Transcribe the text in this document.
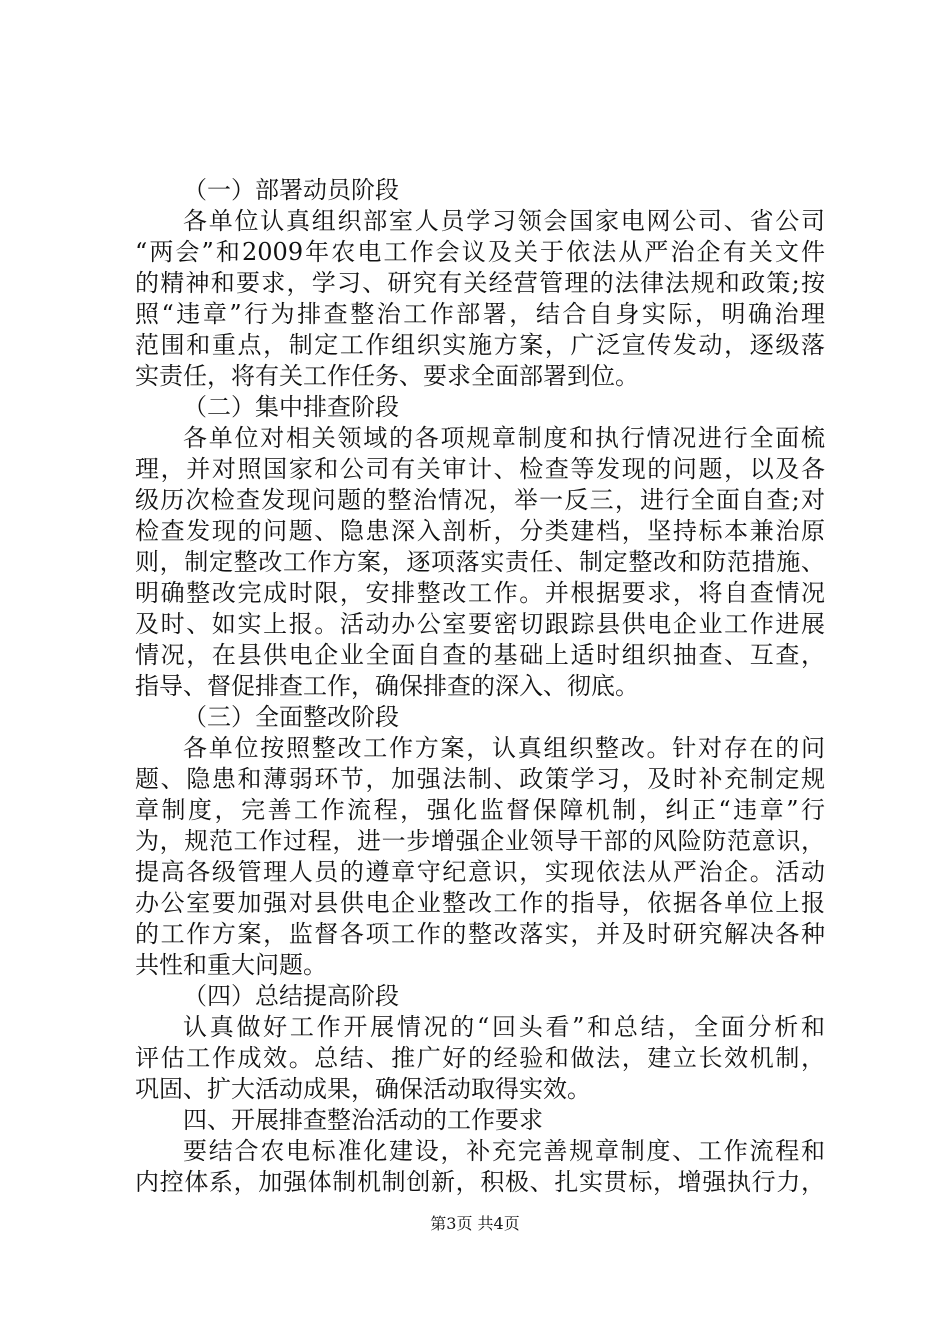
（一）部署动员阶段
各单位认真组织部室人员学习领会国家电网公司、省公司
“两会”和2009年农电工作会议及关于依法从严治企有关文件
的精神和要求，学习、研究有关经营管理的法律法规和政策;按
照“违章”行为排查整治工作部署，结合自身实际，明确治理
范围和重点，制定工作组织实施方案，广泛宣传发动，逐级落
实责任，将有关工作任务、要求全面部署到位。
（二）集中排查阶段
各单位对相关领域的各项规章制度和执行情况进行全面梳
理，并对照国家和公司有关审计、检查等发现的问题，以及各
级历次检查发现问题的整治情况，举一反三，进行全面自查;对
检查发现的问题、隐患深入剖析，分类建档，坚持标本兼治原
则，制定整改工作方案，逐项落实责任、制定整改和防范措施、
明确整改完成时限，安排整改工作。并根据要求，将自查情况
及时、如实上报。活动办公室要密切跟踪县供电企业工作进展
情况，在县供电企业全面自查的基础上适时组织抽查、互查，
指导、督促排查工作，确保排查的深入、彻底。
（三）全面整改阶段
各单位按照整改工作方案，认真组织整改。针对存在的问
题、隐患和薄弱环节，加强法制、政策学习，及时补充制定规
章制度，完善工作流程，强化监督保障机制，纠正“违章”行
为，规范工作过程，进一步增强企业领导干部的风险防范意识，
提高各级管理人员的遵章守纪意识，实现依法从严治企。活动
办公室要加强对县供电企业整改工作的指导，依据各单位上报
的工作方案，监督各项工作的整改落实，并及时研究解决各种
共性和重大问题。
（四）总结提高阶段
认真做好工作开展情况的“回头看”和总结，全面分析和
评估工作成效。总结、推广好的经验和做法，建立长效机制，
巩固、扩大活动成果，确保活动取得实效。
四、开展排查整治活动的工作要求
要结合农电标准化建设，补充完善规章制度、工作流程和
内控体系，加强体制机制创新，积极、扎实贯标，增强执行力，
第3页 共4页
